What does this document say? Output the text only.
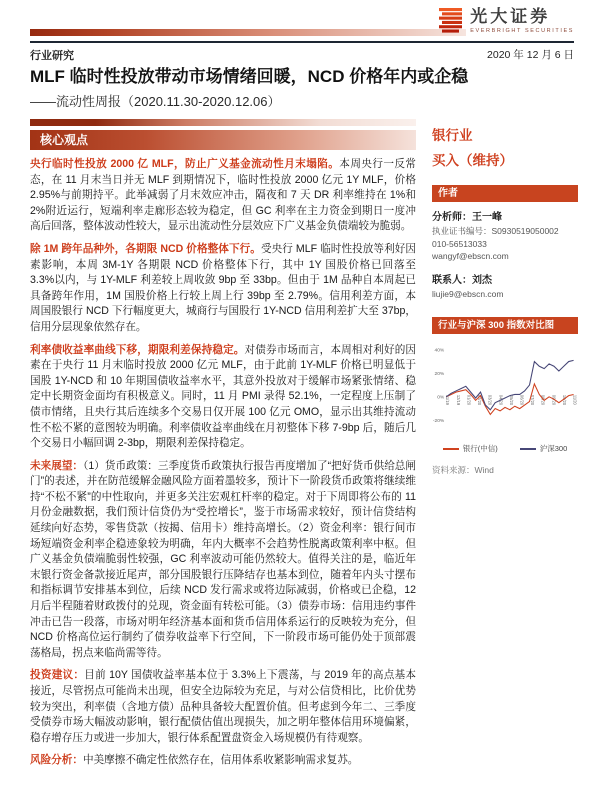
光大证券
EVERBRIGHT SECURITIES
行业研究	2020 年 12 月 6 日
MLF 临时性投放带动市场情绪回暖，NCD 价格年内或企稳
——流动性周报（2020.11.30-2020.12.06）
核心观点

央行临时性投放 2000 亿 MLF，防止广义基金流动性月末塌陷。本周央行一反常态，在 11 月末当日并无 MLF 到期情况下，临时性投放 2000 亿元 1Y MLF，价格 2.95%与前期持平。此举减弱了月末效应冲击，隔夜和 7 天 DR 利率维持在 1%和 2%附近运行，短端利率走廊形态较为稳定，但 GC 利率在主力资金到期日一度冲高后回落，整体波动性较大，显示出流动性分层效应下广义基金负债端较为脆弱。

除 1M 跨年品种外，各期限 NCD 价格整体下行。受央行 MLF 临时性投放等利好因素影响，本周 3M-1Y 各期限 NCD 价格整体下行，其中 1Y 国股价格已回落至 3.3%以内，与 1Y-MLF 利差较上周收敛 9bp 至 33bp。但由于 1M 品种自本周起已具备跨年作用，1M 国股价格上行较上周上行 39bp 至 2.79%。信用利差方面，本周国股银行 NCD 下行幅度更大，城商行与国股行 1Y-NCD 信用利差扩大至 37bp，信用分层现象依然存在。

利率债收益率曲线下移，期限利差保持稳定。对债券市场而言，本周相对利好的因素在于央行 11 月末临时投放 2000 亿元 MLF，由于此前 1Y-MLF 价格已明显低于国股 1Y-NCD 和 10 年期国债收益率水平，其意外投放对于缓解市场紧张情绪、稳定中长期资金面均有积极意义。同时，11 月 PMI 录得 52.1%，一定程度上压制了债市情绪，且央行其后连续多个交易日仅开展 100 亿元 OMO，显示出其维持流动性不松不紧的意图较为明确。利率债收益率曲线在月初整体下移 7-9bp 后，随后几个交易日小幅回调 2-3bp，期限利差保持稳定。

未来展望：（1）货币政策：三季度货币政策执行报告再度增加了“把好货币供给总闸门”的表述，并在防范缓解金融风险方面着墨较多，预计下一阶段货币政策将继续维持“不松不紧”的中性取向，并更多关注宏观杠杆率的稳定。对于下周即将公布的 11 月份金融数据，我们预计信贷仍为“受控增长”，鉴于市场需求较好，预计信贷结构延续向好态势，零售贷款（按揭、信用卡）维持高增长。（2）资金利率：银行间市场短端资金利率企稳迹象较为明确，年内大概率不会趋势性脱离政策利率中枢。但广义基金负债端脆弱性较强，GC 利率波动可能仍然较大。值得关注的是，临近年末银行资金备款接近尾声，部分国股银行压降结存也基本到位，随着年内头寸摆布和指标调节安排基本到位，后续 NCD 发行需求或将边际减弱，价格或已企稳，12 月后半程随着财政拨付的兑现，资金面有转松可能。（3）债券市场：信用违约事件冲击已告一段落，市场对明年经济基本面和货币信用体系运行的反映较为充分，但 NCD 价格高位运行制约了债券收益率下行空间，下一阶段市场可能仍处于顶部震荡格局，拐点来临尚需等待。

投资建议：目前 10Y 国债收益率基本位于 3.3%上下震荡，与 2019 年的高点基本接近，尽管拐点可能尚未出现，但安全边际较为充足，与对公信贷相比，比价优势较为突出，利率债（含地方债）品种具备较大配置价值。但考虑到今年二、三季度受债券市场大幅波动影响，银行配债估值出现损失，加之明年整体信用环境偏紧，稳存增存压力或进一步加大，银行体系配置盘资金入场规模仍有待观察。

风险分析：中美摩擦不确定性依然存在，信用体系收紧影响需求复苏。

银行业
买入（维持）
作者
分析师：王一峰
执业证书编号：S0930519050002
010-56513033
wangyf@ebscn.com
联系人：刘杰
liujie9@ebscn.com
行业与沪深 300 指数对比图
40%
20%
0%
-20%
11/19 12/19 01/20 02/20 03/20 04/20 05/20 06/20 07/20 08/20 09/20 10/20 11/20
银行(中信)	沪深300
资料来源：Wind
